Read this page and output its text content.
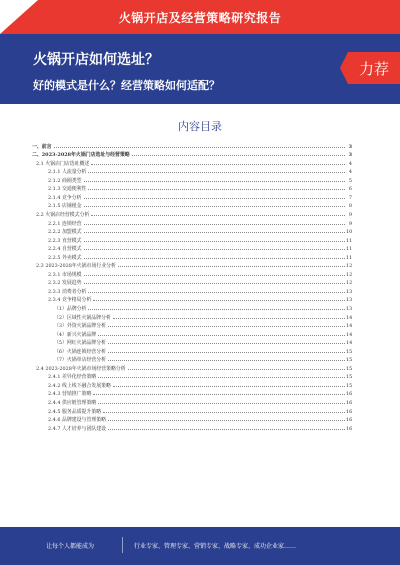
火锅开店及经营策略研究报告
火锅开店如何选址？
好的模式是什么？经营策略如何适配？
力荐
内容目录
一、前言	3
二、2023-2028年火锅门店选址与经营策略	3
2.1 火锅店门店选址概述	4
2.1.1 人流量分析	4
2.1.2 商圈类型	5
2.1.3 交通便利性	6
2.1.4 竞争分析	7
2.1.5 店铺租金	8
2.2 火锅店经营模式分析	9
2.2.1 连锁经营	9
2.2.2 加盟模式	10
2.2.3 直营模式	11
2.2.4 自营模式	11
2.2.5 外卖模式	11
2.3 2023-2028年火锅市场行业分析	12
2.3.1 市场规模	12
2.3.2 发展趋势	12
2.3.3 消费者分析	13
2.3.4 竞争格局分析	13
（1）品牌分析	13
（2）区域性火锅品牌分析	14
（3）外资火锅品牌分析	14
（4）新兴火锅品牌	14
（5）网红火锅品牌分析	14
（6）火锅连锁经营分析	15
（7）火锅单店经营分析	15
2.4 2023-2028年火锅市场经营策略分析	15
2.4.1 差异化经营策略	15
2.4.2 线上线下融合发展策略	15
2.4.3 营销推广策略	16
2.4.4 供应链管理策略	16
2.4.5 服务品质提升策略	16
2.4.6 品牌建设与管理策略	16
2.4.7 人才培养与团队建设	16
让每个人都能成为	行业专家、管理专家、营销专家、战略专家、成功企业家……
